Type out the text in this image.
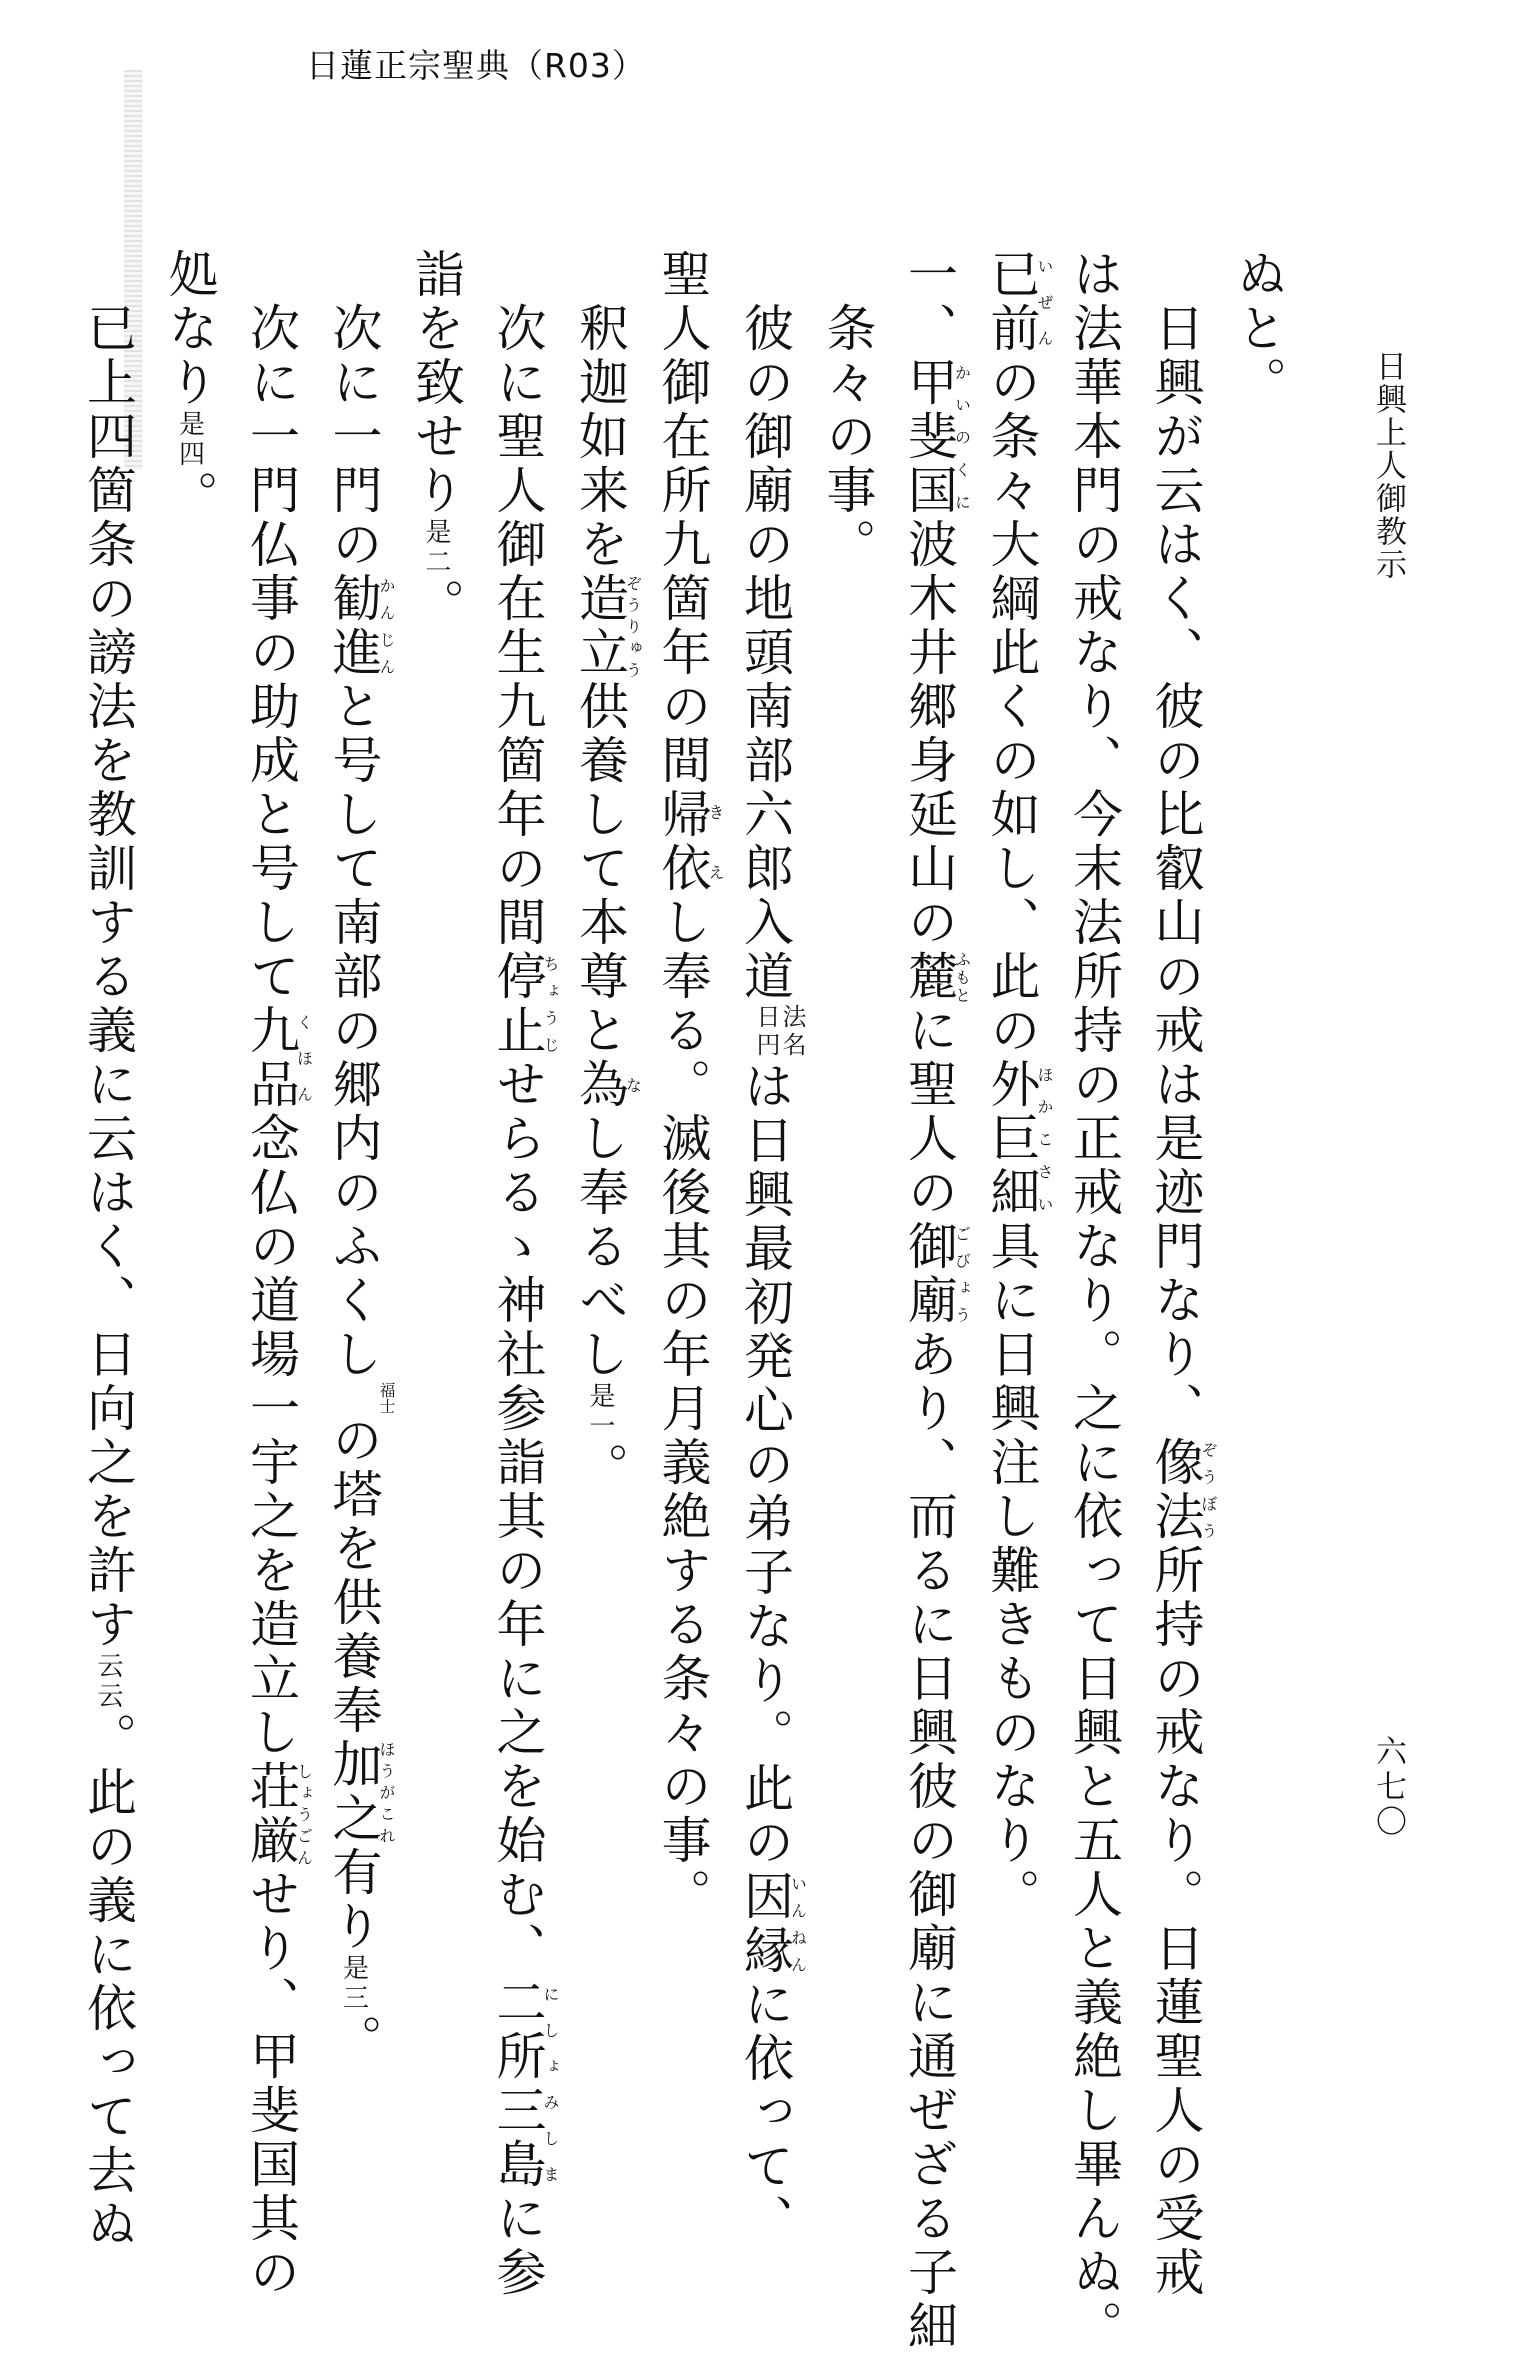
日蓮正宗聖典（R03）
日興上人御教示
六七〇
ぬと。
日興が云はく、彼の比叡山の戒は是迹門なり、像法ぞうぼう所持の戒なり。日蓮聖人の受戒
は法華本門の戒なり、今末法所持の正戒なり。之に依って日興と五人と義絶し畢んぬ。
已前いぜんの条々大綱此くの如し、此の外巨細ほかこさい具に日興注し難きものなり。
一、甲斐国かいのくに波木井郷身延山の麓ふもとに聖人の御廟ごびょうあり、而るに日興彼の御廟に通ぜざる子細
条々の事。
彼の御廟の地頭南部六郎入道
法名
日円
は日興最初発心の弟子なり。此の因縁いんねんに依って、
聖人御在所九箇年の間帰依きえし奉る。滅後其の年月義絶する条々の事。
釈迦如来を造立ぞうりゅう供養して本尊と為なし奉るべし是一。
次に聖人御在生九箇年の間停止ちょうじせらるゝ神社参詣其の年に之を始む、二所三島にしょみしまに参
詣を致せり是二。
次に一門の勧進かんじんと号して南部の郷内のふくし福士の塔を供養奉加之ほうがこれ有り是三。
次に一門仏事の助成と号して九品くほん念仏の道場一宇之を造立し荘厳しょうごんせり、甲斐国其の
処なり是四。
已上四箇条の謗法を教訓する義に云はく、日向之を許す云云。此の義に依って去ぬ
